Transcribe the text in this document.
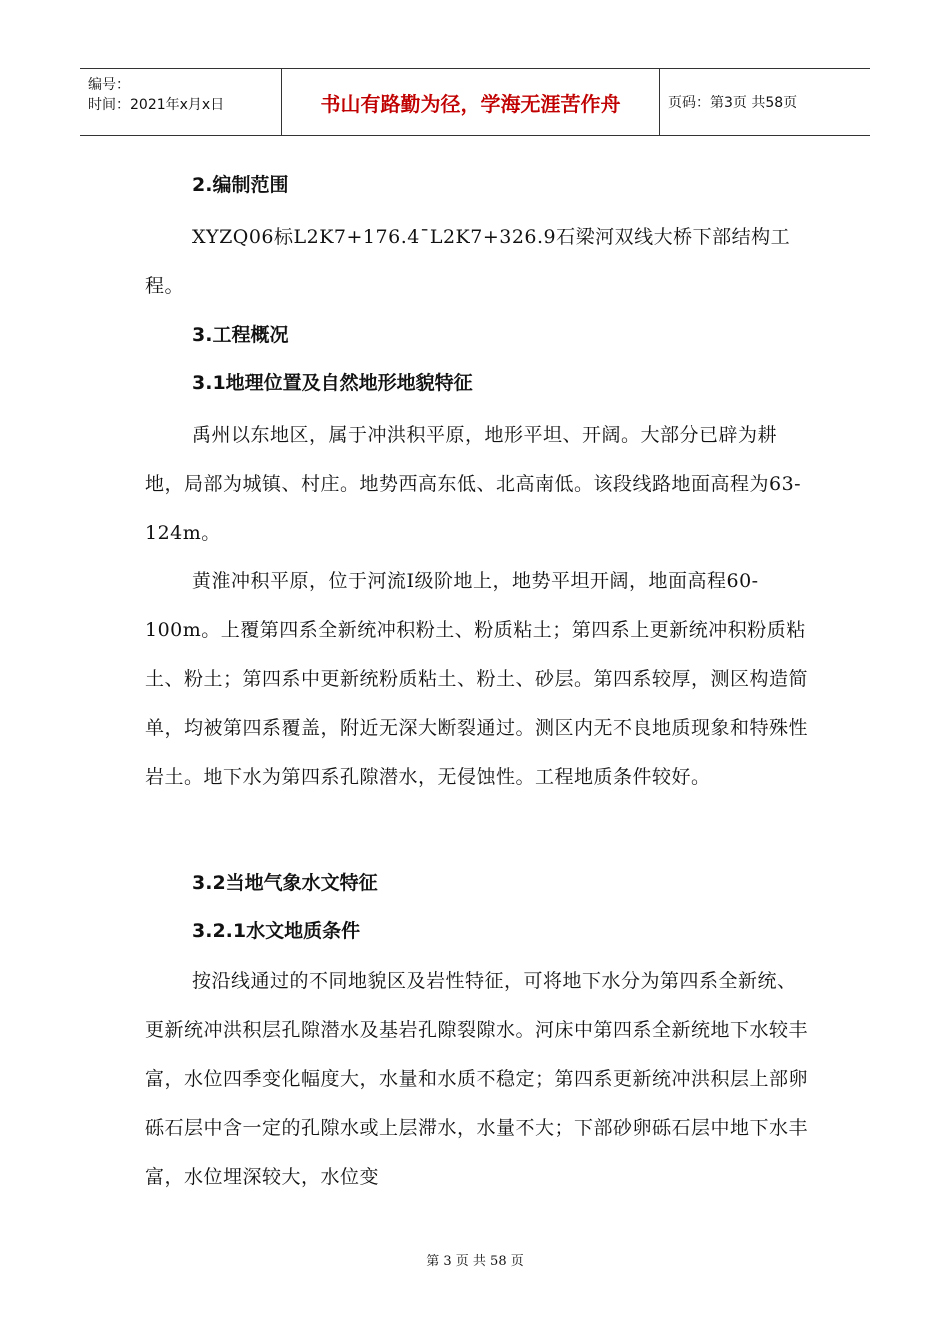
编号：
时间：2021年x月x日	书山有路勤为径，学海无涯苦作舟	页码：第3页 共58页
2.编制范围
XYZQ06标L2K7+176.4¯L2K7+326.9石梁河双线大桥下部结构工程。
3.工程概况
3.1地理位置及自然地形地貌特征
禹州以东地区，属于冲洪积平原，地形平坦、开阔。大部分已辟为耕地，局部为城镇、村庄。地势西高东低、北高南低。该段线路地面高程为63-124m。
黄淮冲积平原，位于河流Ⅰ级阶地上，地势平坦开阔，地面高程60-100m。上覆第四系全新统冲积粉土、粉质粘土；第四系上更新统冲积粉质粘土、粉土；第四系中更新统粉质粘土、粉土、砂层。第四系较厚，测区构造简单，均被第四系覆盖，附近无深大断裂通过。测区内无不良地质现象和特殊性岩土。地下水为第四系孔隙潜水，无侵蚀性。工程地质条件较好。
3.2当地气象水文特征
3.2.1水文地质条件
按沿线通过的不同地貌区及岩性特征，可将地下水分为第四系全新统、更新统冲洪积层孔隙潜水及基岩孔隙裂隙水。河床中第四系全新统地下水较丰富，水位四季变化幅度大，水量和水质不稳定；第四系更新统冲洪积层上部卵砾石层中含一定的孔隙水或上层滞水，水量不大；下部砂卵砾石层中地下水丰富，水位埋深较大，水位变
第 3 页 共 58 页
